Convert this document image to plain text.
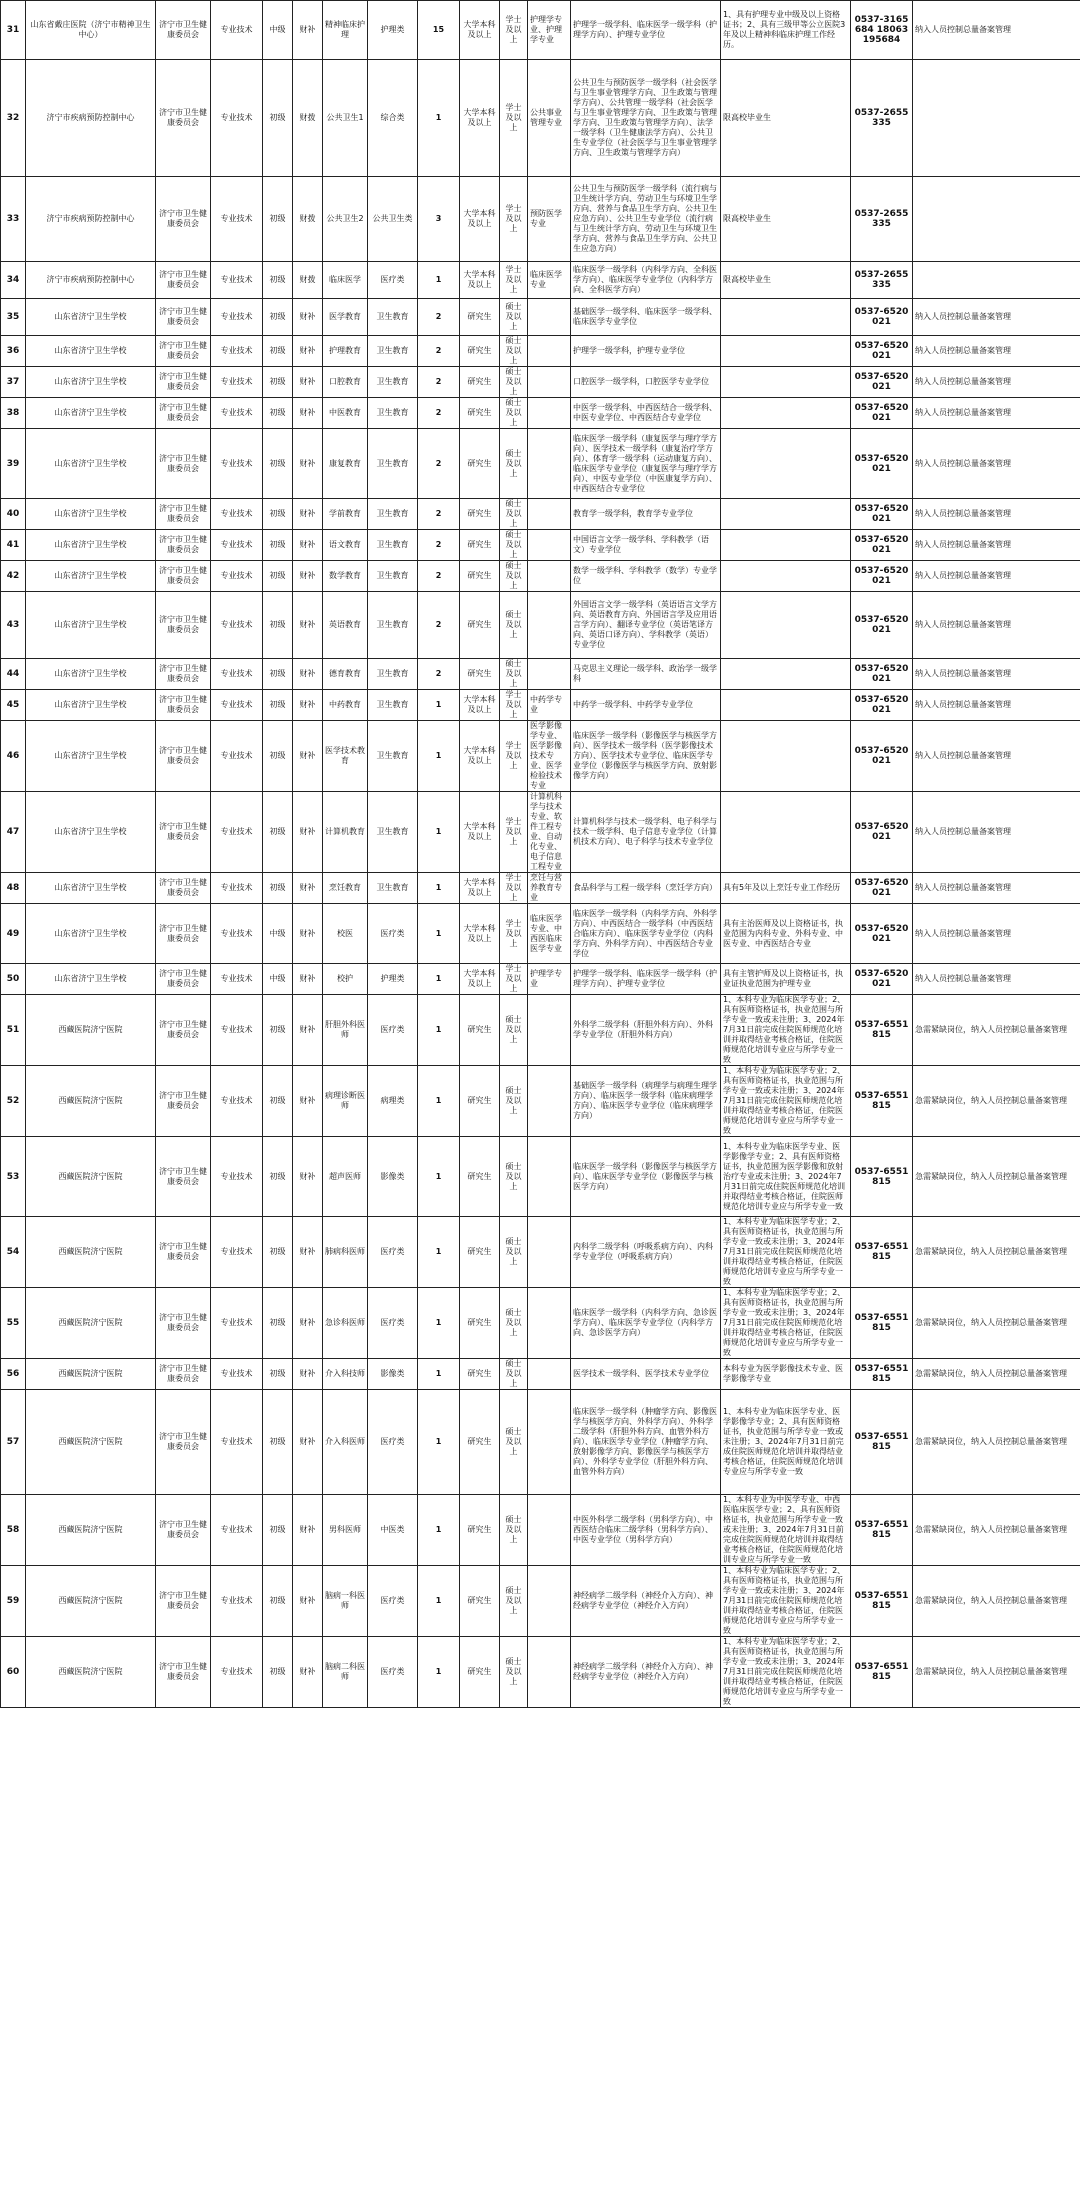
31	山东省戴庄医院（济宁市精神卫生中心）	济宁市卫生健康委员会	专业技术	中级	财补	精神临床护理	护理类	15	大学本科及以上	学士及以上	护理学专业、护理学专业	护理学一级学科、临床医学一级学科（护理学方向）、护理专业学位	1、具有护理专业中级及以上资格证书；2、具有三级甲等公立医院3年及以上精神科临床护理工作经历。	0537-3165684 18063195684	纳入人员控制总量备案管理
32	济宁市疾病预防控制中心	济宁市卫生健康委员会	专业技术	初级	财拨	公共卫生1	综合类	1	大学本科及以上	学士及以上	公共事业管理专业	公共卫生与预防医学一级学科（社会医学与卫生事业管理学方向、卫生政策与管理学方向）、公共管理一级学科（社会医学与卫生事业管理学方向、卫生政策与管理学方向、卫生政策与管理学方向）、法学一级学科（卫生健康法学方向）、公共卫生专业学位（社会医学与卫生事业管理学方向、卫生政策与管理学方向）	限高校毕业生	0537-2655335	
33	济宁市疾病预防控制中心	济宁市卫生健康委员会	专业技术	初级	财拨	公共卫生2	公共卫生类	3	大学本科及以上	学士及以上	预防医学专业	公共卫生与预防医学一级学科（流行病与卫生统计学方向、劳动卫生与环境卫生学方向、营养与食品卫生学方向、公共卫生应急方向）、公共卫生专业学位（流行病与卫生统计学方向、劳动卫生与环境卫生学方向、营养与食品卫生学方向、公共卫生应急方向）	限高校毕业生	0537-2655335	
34	济宁市疾病预防控制中心	济宁市卫生健康委员会	专业技术	初级	财拨	临床医学	医疗类	1	大学本科及以上	学士及以上	临床医学专业	临床医学一级学科（内科学方向、全科医学方向）、临床医学专业学位（内科学方向、全科医学方向）	限高校毕业生	0537-2655335	
35	山东省济宁卫生学校	济宁市卫生健康委员会	专业技术	初级	财补	医学教育	卫生教育	2	研究生	硕士及以上		基础医学一级学科、临床医学一级学科、临床医学专业学位		0537-6520021	纳入人员控制总量备案管理
36	山东省济宁卫生学校	济宁市卫生健康委员会	专业技术	初级	财补	护理教育	卫生教育	2	研究生	硕士及以上		护理学一级学科，护理专业学位		0537-6520021	纳入人员控制总量备案管理
37	山东省济宁卫生学校	济宁市卫生健康委员会	专业技术	初级	财补	口腔教育	卫生教育	2	研究生	硕士及以上		口腔医学一级学科，口腔医学专业学位		0537-6520021	纳入人员控制总量备案管理
38	山东省济宁卫生学校	济宁市卫生健康委员会	专业技术	初级	财补	中医教育	卫生教育	2	研究生	硕士及以上		中医学一级学科、中西医结合一级学科、中医专业学位、中西医结合专业学位		0537-6520021	纳入人员控制总量备案管理
39	山东省济宁卫生学校	济宁市卫生健康委员会	专业技术	初级	财补	康复教育	卫生教育	2	研究生	硕士及以上		临床医学一级学科（康复医学与理疗学方向）、医学技术一级学科（康复治疗学方向）、体育学一级学科（运动康复方向）、临床医学专业学位（康复医学与理疗学方向）、中医专业学位（中医康复学方向）、中西医结合专业学位		0537-6520021	纳入人员控制总量备案管理
40	山东省济宁卫生学校	济宁市卫生健康委员会	专业技术	初级	财补	学前教育	卫生教育	2	研究生	硕士及以上		教育学一级学科，教育学专业学位		0537-6520021	纳入人员控制总量备案管理
41	山东省济宁卫生学校	济宁市卫生健康委员会	专业技术	初级	财补	语文教育	卫生教育	2	研究生	硕士及以上		中国语言文学一级学科、学科教学（语文）专业学位		0537-6520021	纳入人员控制总量备案管理
42	山东省济宁卫生学校	济宁市卫生健康委员会	专业技术	初级	财补	数学教育	卫生教育	2	研究生	硕士及以上		数学一级学科、学科教学（数学）专业学位		0537-6520021	纳入人员控制总量备案管理
43	山东省济宁卫生学校	济宁市卫生健康委员会	专业技术	初级	财补	英语教育	卫生教育	2	研究生	硕士及以上		外国语言文学一级学科（英语语言文学方向、英语教育方向、外国语言学及应用语言学方向）、翻译专业学位（英语笔译方向、英语口译方向）、学科教学（英语）专业学位		0537-6520021	纳入人员控制总量备案管理
44	山东省济宁卫生学校	济宁市卫生健康委员会	专业技术	初级	财补	德育教育	卫生教育	2	研究生	硕士及以上		马克思主义理论一级学科、政治学一级学科		0537-6520021	纳入人员控制总量备案管理
45	山东省济宁卫生学校	济宁市卫生健康委员会	专业技术	初级	财补	中药教育	卫生教育	1	大学本科及以上	学士及以上	中药学专业	中药学一级学科、中药学专业学位		0537-6520021	纳入人员控制总量备案管理
46	山东省济宁卫生学校	济宁市卫生健康委员会	专业技术	初级	财补	医学技术教育	卫生教育	1	大学本科及以上	学士及以上	医学影像学专业、医学影像技术专业、医学检验技术专业	临床医学一级学科（影像医学与核医学方向）、医学技术一级学科（医学影像技术方向）、医学技术专业学位、临床医学专业学位（影像医学与核医学方向、放射影像学方向）		0537-6520021	纳入人员控制总量备案管理
47	山东省济宁卫生学校	济宁市卫生健康委员会	专业技术	初级	财补	计算机教育	卫生教育	1	大学本科及以上	学士及以上	计算机科学与技术专业、软件工程专业、自动化专业、电子信息工程专业	计算机科学与技术一级学科、电子科学与技术一级学科、电子信息专业学位（计算机技术方向）、电子科学与技术专业学位		0537-6520021	纳入人员控制总量备案管理
48	山东省济宁卫生学校	济宁市卫生健康委员会	专业技术	初级	财补	烹饪教育	卫生教育	1	大学本科及以上	学士及以上	烹饪与营养教育专业	食品科学与工程一级学科（烹饪学方向）	具有5年及以上烹饪专业工作经历	0537-6520021	纳入人员控制总量备案管理
49	山东省济宁卫生学校	济宁市卫生健康委员会	专业技术	中级	财补	校医	医疗类	1	大学本科及以上	学士及以上	临床医学专业、中西医临床医学专业	临床医学一级学科（内科学方向、外科学方向）、中西医结合一级学科（中西医结合临床方向）、临床医学专业学位（内科学方向、外科学方向）、中西医结合专业学位	具有主治医师及以上资格证书，执业范围为内科专业、外科专业、中医专业、中西医结合专业	0537-6520021	纳入人员控制总量备案管理
50	山东省济宁卫生学校	济宁市卫生健康委员会	专业技术	中级	财补	校护	护理类	1	大学本科及以上	学士及以上	护理学专业	护理学一级学科、临床医学一级学科（护理学方向）、护理专业学位	具有主管护师及以上资格证书，执业证执业范围为护理专业	0537-6520021	纳入人员控制总量备案管理
51	西藏医院济宁医院	济宁市卫生健康委员会	专业技术	初级	财补	肝胆外科医师	医疗类	1	研究生	硕士及以上		外科学二级学科（肝胆外科方向）、外科学专业学位（肝胆外科方向）	1、本科专业为临床医学专业；2、具有医师资格证书，执业范围与所学专业一致或未注册；3、2024年7月31日前完成住院医师规范化培训并取得结业考核合格证，住院医师规范化培训专业应与所学专业一致	0537-6551815	急需紧缺岗位，纳入人员控制总量备案管理
52	西藏医院济宁医院	济宁市卫生健康委员会	专业技术	初级	财补	病理诊断医师	病理类	1	研究生	硕士及以上		基础医学一级学科（病理学与病理生理学方向）、临床医学一级学科（临床病理学方向）、临床医学专业学位（临床病理学方向）	1、本科专业为临床医学专业；2、具有医师资格证书，执业范围与所学专业一致或未注册；3、2024年7月31日前完成住院医师规范化培训并取得结业考核合格证，住院医师规范化培训专业应与所学专业一致	0537-6551815	急需紧缺岗位，纳入人员控制总量备案管理
53	西藏医院济宁医院	济宁市卫生健康委员会	专业技术	初级	财补	超声医师	影像类	1	研究生	硕士及以上		临床医学一级学科（影像医学与核医学方向）、临床医学专业学位（影像医学与核医学方向）	1、本科专业为临床医学专业、医学影像学专业；2、具有医师资格证书，执业范围为医学影像和放射治疗专业或未注册；3、2024年7月31日前完成住院医师规范化培训并取得结业考核合格证，住院医师规范化培训专业应与所学专业一致	0537-6551815	急需紧缺岗位，纳入人员控制总量备案管理
54	西藏医院济宁医院	济宁市卫生健康委员会	专业技术	初级	财补	肺病科医师	医疗类	1	研究生	硕士及以上		内科学二级学科（呼吸系病方向）、内科学专业学位（呼吸系病方向）	1、本科专业为临床医学专业；2、具有医师资格证书，执业范围与所学专业一致或未注册；3、2024年7月31日前完成住院医师规范化培训并取得结业考核合格证，住院医师规范化培训专业应与所学专业一致	0537-6551815	急需紧缺岗位，纳入人员控制总量备案管理
55	西藏医院济宁医院	济宁市卫生健康委员会	专业技术	初级	财补	急诊科医师	医疗类	1	研究生	硕士及以上		临床医学一级学科（内科学方向、急诊医学方向）、临床医学专业学位（内科学方向、急诊医学方向）	1、本科专业为临床医学专业；2、具有医师资格证书，执业范围与所学专业一致或未注册；3、2024年7月31日前完成住院医师规范化培训并取得结业考核合格证，住院医师规范化培训专业应与所学专业一致	0537-6551815	急需紧缺岗位，纳入人员控制总量备案管理
56	西藏医院济宁医院	济宁市卫生健康委员会	专业技术	初级	财补	介入科技师	影像类	1	研究生	硕士及以上		医学技术一级学科、医学技术专业学位	本科专业为医学影像技术专业、医学影像学专业	0537-6551815	急需紧缺岗位，纳入人员控制总量备案管理
57	西藏医院济宁医院	济宁市卫生健康委员会	专业技术	初级	财补	介入科医师	医疗类	1	研究生	硕士及以上		临床医学一级学科（肿瘤学方向、影像医学与核医学方向、外科学方向）、外科学二级学科（肝胆外科方向、血管外科方向）、临床医学专业学位（肿瘤学方向、放射影像学方向、影像医学与核医学方向）、外科学专业学位（肝胆外科方向、血管外科方向）	1、本科专业为临床医学专业、医学影像学专业；2、具有医师资格证书，执业范围与所学专业一致或未注册；3、2024年7月31日前完成住院医师规范化培训并取得结业考核合格证，住院医师规范化培训专业应与所学专业一致	0537-6551815	急需紧缺岗位，纳入人员控制总量备案管理
58	西藏医院济宁医院	济宁市卫生健康委员会	专业技术	初级	财补	男科医师	中医类	1	研究生	硕士及以上		中医外科学二级学科（男科学方向）、中西医结合临床二级学科（男科学方向）、中医专业学位（男科学方向）	1、本科专业为中医学专业、中西医临床医学专业；2、具有医师资格证书，执业范围与所学专业一致或未注册；3、2024年7月31日前完成住院医师规范化培训并取得结业考核合格证，住院医师规范化培训专业应与所学专业一致	0537-6551815	急需紧缺岗位，纳入人员控制总量备案管理
59	西藏医院济宁医院	济宁市卫生健康委员会	专业技术	初级	财补	脑病一科医师	医疗类	1	研究生	硕士及以上		神经病学二级学科（神经介入方向）、神经病学专业学位（神经介入方向）	1、本科专业为临床医学专业；2、具有医师资格证书，执业范围与所学专业一致或未注册；3、2024年7月31日前完成住院医师规范化培训并取得结业考核合格证，住院医师规范化培训专业应与所学专业一致	0537-6551815	急需紧缺岗位，纳入人员控制总量备案管理
60	西藏医院济宁医院	济宁市卫生健康委员会	专业技术	初级	财补	脑病二科医师	医疗类	1	研究生	硕士及以上		神经病学二级学科（神经介入方向）、神经病学专业学位（神经介入方向）	1、本科专业为临床医学专业；2、具有医师资格证书，执业范围与所学专业一致或未注册；3、2024年7月31日前完成住院医师规范化培训并取得结业考核合格证，住院医师规范化培训专业应与所学专业一致	0537-6551815	急需紧缺岗位，纳入人员控制总量备案管理
